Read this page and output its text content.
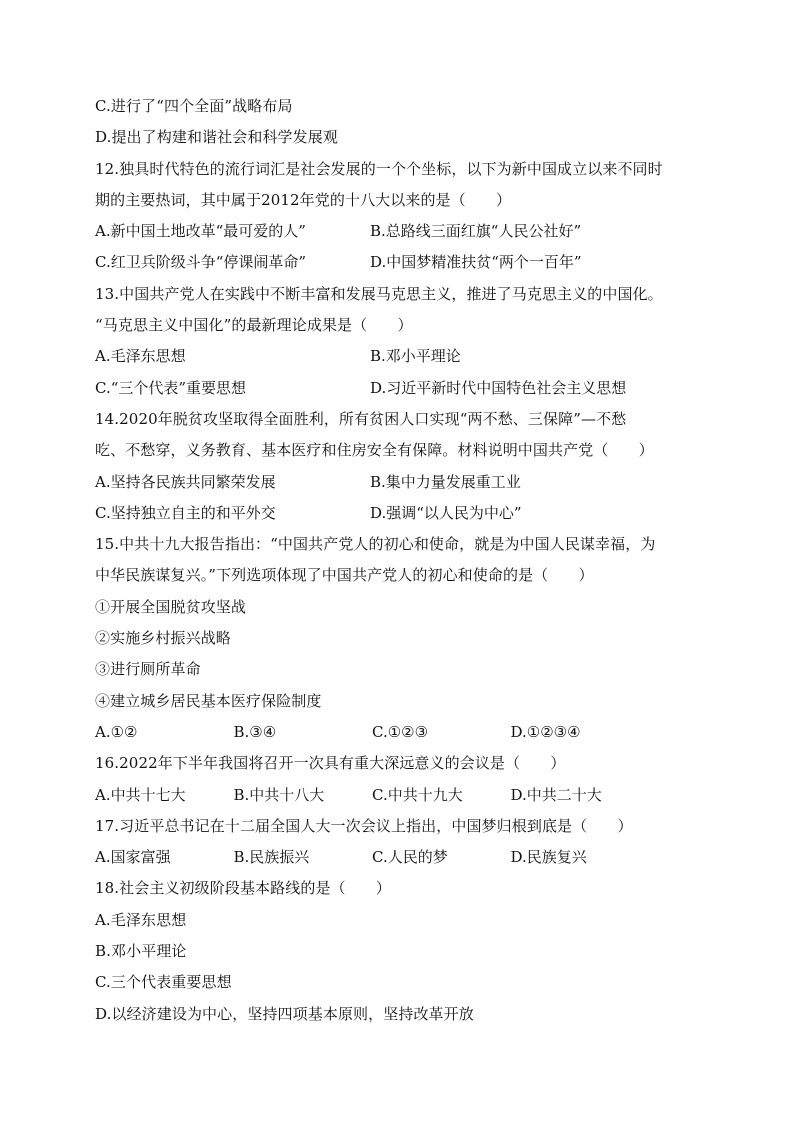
C.进行了“四个全面”战略布局
D.提出了构建和谐社会和科学发展观
12.独具时代特色的流行词汇是社会发展的一个个坐标，以下为新中国成立以来不同时
期的主要热词，其中属于2012年党的十八大以来的是（　　）
A.新中国土地改革“最可爱的人”	B.总路线三面红旗“人民公社好”
C.红卫兵阶级斗争“停课闹革命”	D.中国梦精准扶贫“两个一百年”
13.中国共产党人在实践中不断丰富和发展马克思主义，推进了马克思主义的中国化。
“马克思主义中国化”的最新理论成果是（　　）
A.毛泽东思想	B.邓小平理论
C.“三个代表”重要思想	D.习近平新时代中国特色社会主义思想
14.2020年脱贫攻坚取得全面胜利，所有贫困人口实现“两不愁、三保障”—不愁
吃、不愁穿，义务教育、基本医疗和住房安全有保障。材料说明中国共产党（　　）
A.坚持各民族共同繁荣发展	B.集中力量发展重工业
C.坚持独立自主的和平外交	D.强调“以人民为中心”
15.中共十九大报告指出：“中国共产党人的初心和使命，就是为中国人民谋幸福，为
中华民族谋复兴。”下列选项体现了中国共产党人的初心和使命的是（　　）
①开展全国脱贫攻坚战
②实施乡村振兴战略
③进行厕所革命
④建立城乡居民基本医疗保险制度
A.①②	B.③④	C.①②③	D.①②③④
16.2022年下半年我国将召开一次具有重大深远意义的会议是（　　）
A.中共十七大	B.中共十八大	C.中共十九大	D.中共二十大
17.习近平总书记在十二届全国人大一次会议上指出，中国梦归根到底是（　　）
A.国家富强	B.民族振兴	C.人民的梦	D.民族复兴
18.社会主义初级阶段基本路线的是（　　）
A.毛泽东思想
B.邓小平理论
C.三个代表重要思想
D.以经济建设为中心，坚持四项基本原则，坚持改革开放
